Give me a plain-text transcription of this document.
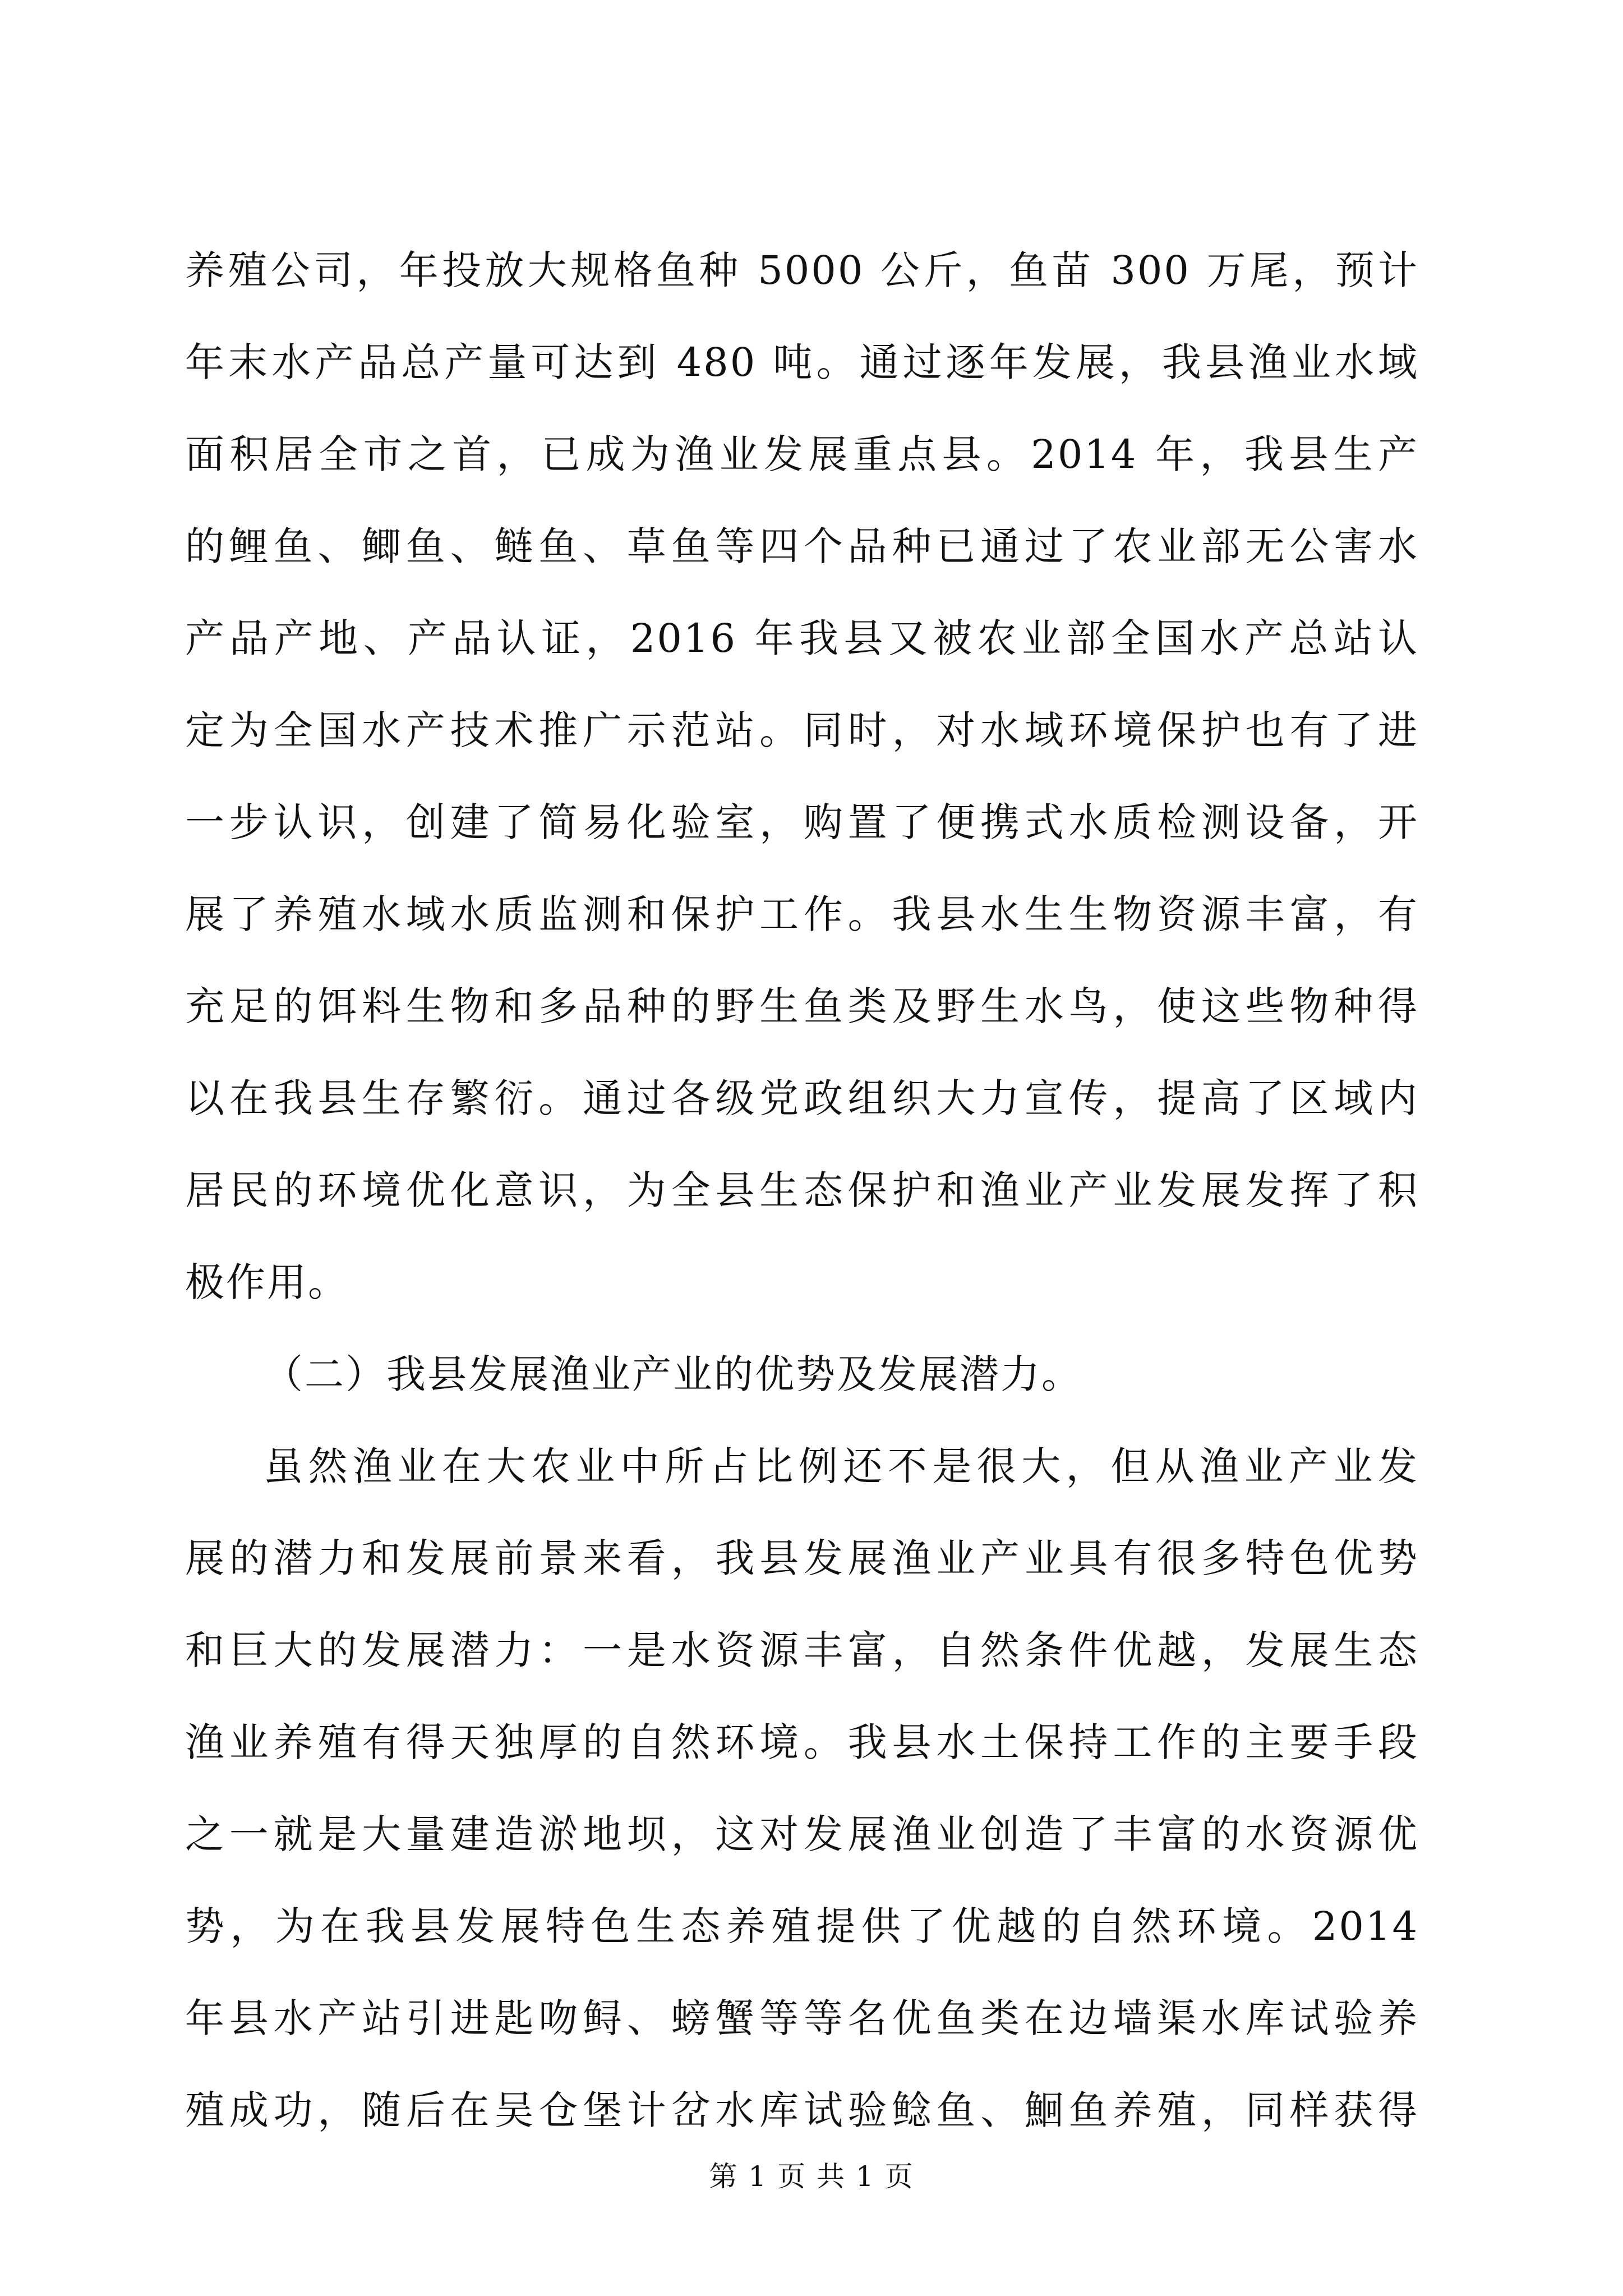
养殖公司，年投放大规格鱼种 5000 公斤，鱼苗 300 万尾，预计
年末水产品总产量可达到 480 吨。通过逐年发展，我县渔业水域
面积居全市之首，已成为渔业发展重点县。2014 年，我县生产
的鲤鱼、鲫鱼、鲢鱼、草鱼等四个品种已通过了农业部无公害水
产品产地、产品认证，2016 年我县又被农业部全国水产总站认
定为全国水产技术推广示范站。同时，对水域环境保护也有了进
一步认识，创建了简易化验室，购置了便携式水质检测设备，开
展了养殖水域水质监测和保护工作。我县水生生物资源丰富，有
充足的饵料生物和多品种的野生鱼类及野生水鸟，使这些物种得
以在我县生存繁衍。通过各级党政组织大力宣传，提高了区域内
居民的环境优化意识，为全县生态保护和渔业产业发展发挥了积
极作用。
（二）我县发展渔业产业的优势及发展潜力。
虽然渔业在大农业中所占比例还不是很大，但从渔业产业发
展的潜力和发展前景来看，我县发展渔业产业具有很多特色优势
和巨大的发展潜力：一是水资源丰富，自然条件优越，发展生态
渔业养殖有得天独厚的自然环境。我县水土保持工作的主要手段
之一就是大量建造淤地坝，这对发展渔业创造了丰富的水资源优
势，为在我县发展特色生态养殖提供了优越的自然环境。2014
年县水产站引进匙吻鲟、螃蟹等等名优鱼类在边墙渠水库试验养
殖成功，随后在吴仓堡计岔水库试验鲶鱼、鮰鱼养殖，同样获得
第 1 页 共 1 页
